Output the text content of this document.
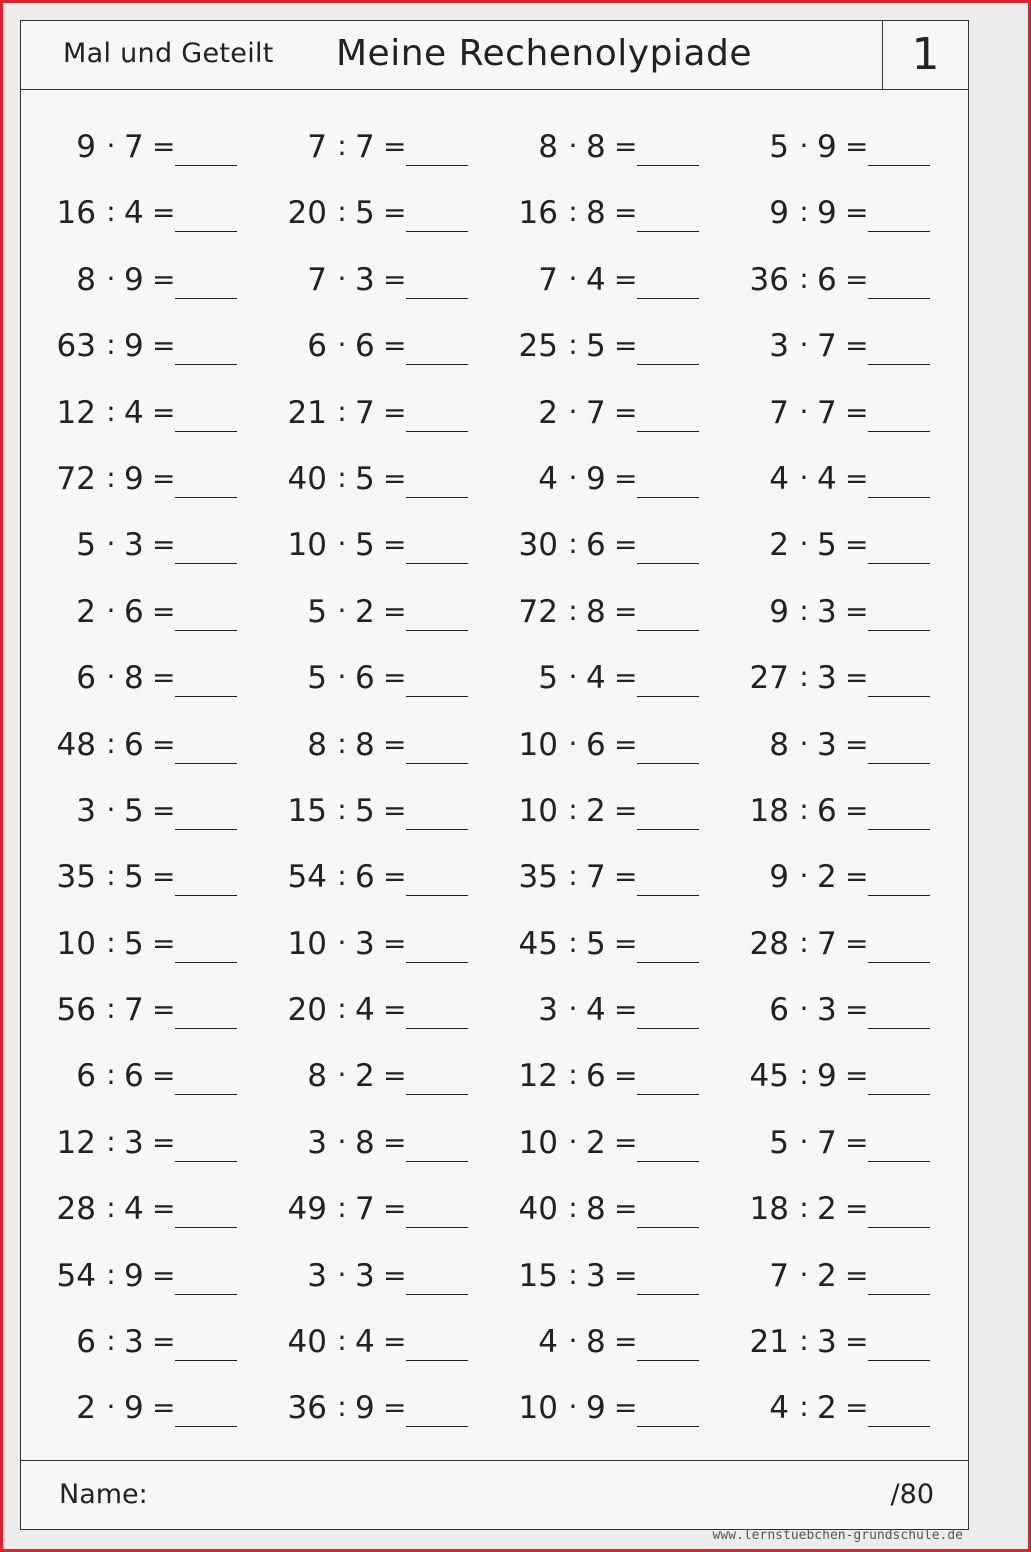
Mal und Geteilt Meine Rechenolypiade	1
9 · 7 =	7 : 7 =	8 · 8 =	5 · 9 =
16 : 4 =	20 : 5 =	16 : 8 =	9 : 9 =
8 · 9 =	7 · 3 =	7 · 4 =	36 : 6 =
63 : 9 =	6 · 6 =	25 : 5 =	3 · 7 =
12 : 4 =	21 : 7 =	2 · 7 =	7 · 7 =
72 : 9 =	40 : 5 =	4 · 9 =	4 · 4 =
5 · 3 =	10 · 5 =	30 : 6 =	2 · 5 =
2 · 6 =	5 · 2 =	72 : 8 =	9 : 3 =
6 · 8 =	5 · 6 =	5 · 4 =	27 : 3 =
48 : 6 =	8 : 8 =	10 · 6 =	8 · 3 =
3 · 5 =	15 : 5 =	10 : 2 =	18 : 6 =
35 : 5 =	54 : 6 =	35 : 7 =	9 · 2 =
10 : 5 =	10 · 3 =	45 : 5 =	28 : 7 =
56 : 7 =	20 : 4 =	3 · 4 =	6 · 3 =
6 : 6 =	8 · 2 =	12 : 6 =	45 : 9 =
12 : 3 =	3 · 8 =	10 · 2 =	5 · 7 =
28 : 4 =	49 : 7 =	40 : 8 =	18 : 2 =
54 : 9 =	3 · 3 =	15 : 3 =	7 · 2 =
6 : 3 =	40 : 4 =	4 · 8 =	21 : 3 =
2 · 9 =	36 : 9 =	10 · 9 =	4 : 2 =
Name:	/80
www.lernstuebchen-grundschule.de
